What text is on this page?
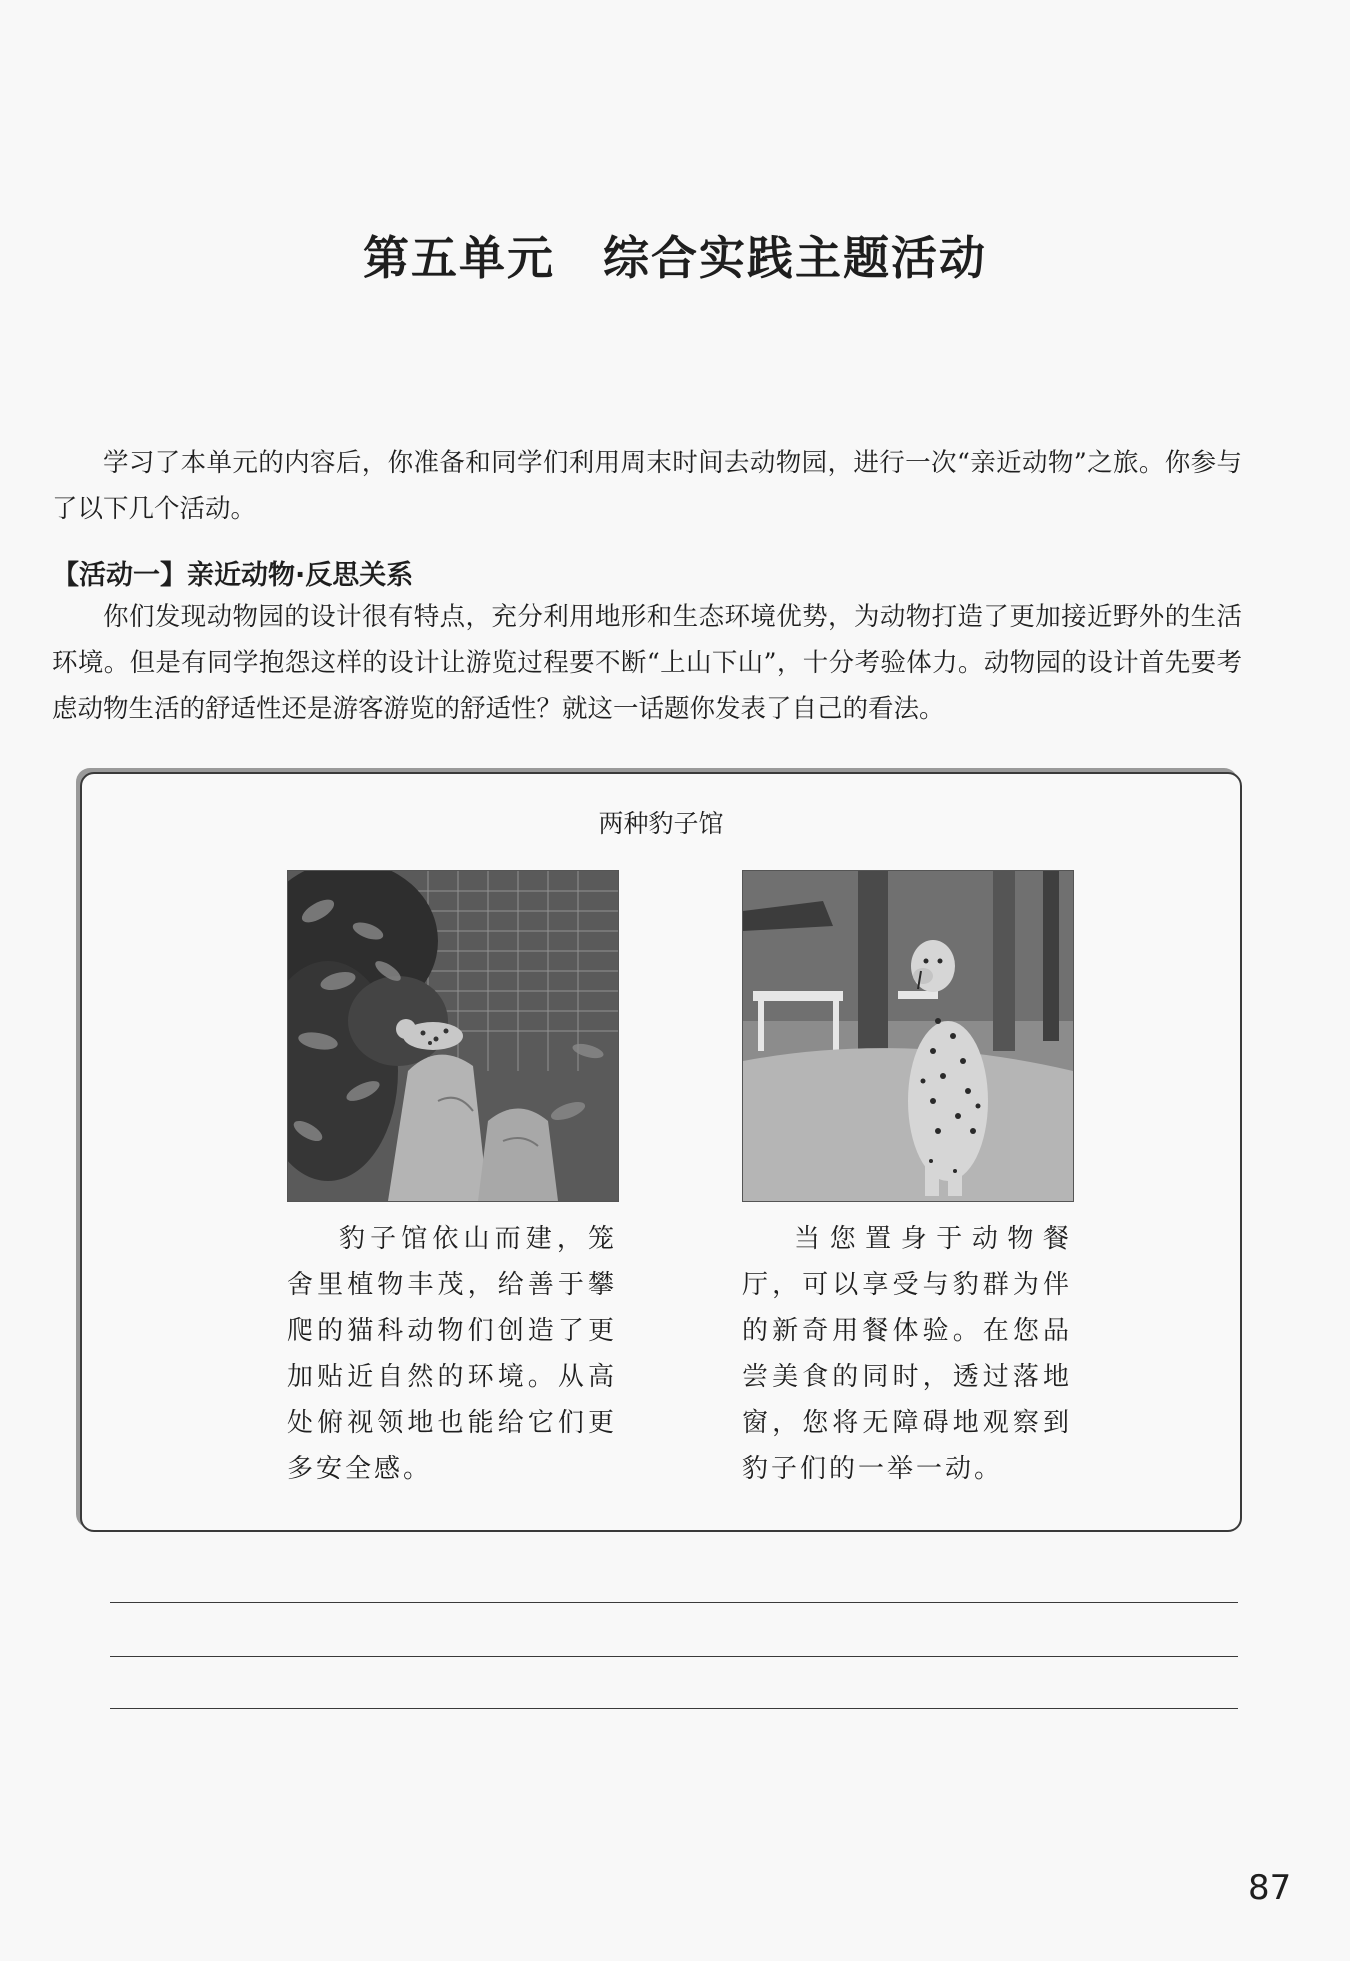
第五单元 综合实践主题活动

学习了本单元的内容后，你准备和同学们利用周末时间去动物园，进行一次“亲近动物”之旅。你参与了以下几个活动。

【活动一】亲近动物·反思关系

你们发现动物园的设计很有特点，充分利用地形和生态环境优势，为动物打造了更加接近野外的生活环境。但是有同学抱怨这样的设计让游览过程要不断“上山下山”，十分考验体力。动物园的设计首先要考虑动物生活的舒适性还是游客游览的舒适性？就这一话题你发表了自己的看法。

两种豹子馆

豹子馆依山而建，笼舍里植物丰茂，给善于攀爬的猫科动物们创造了更加贴近自然的环境。从高处俯视领地也能给它们更多安全感。

当您置身于动物餐厅，可以享受与豹群为伴的新奇用餐体验。在您品尝美食的同时，透过落地窗，您将无障碍地观察到豹子们的一举一动。

87
